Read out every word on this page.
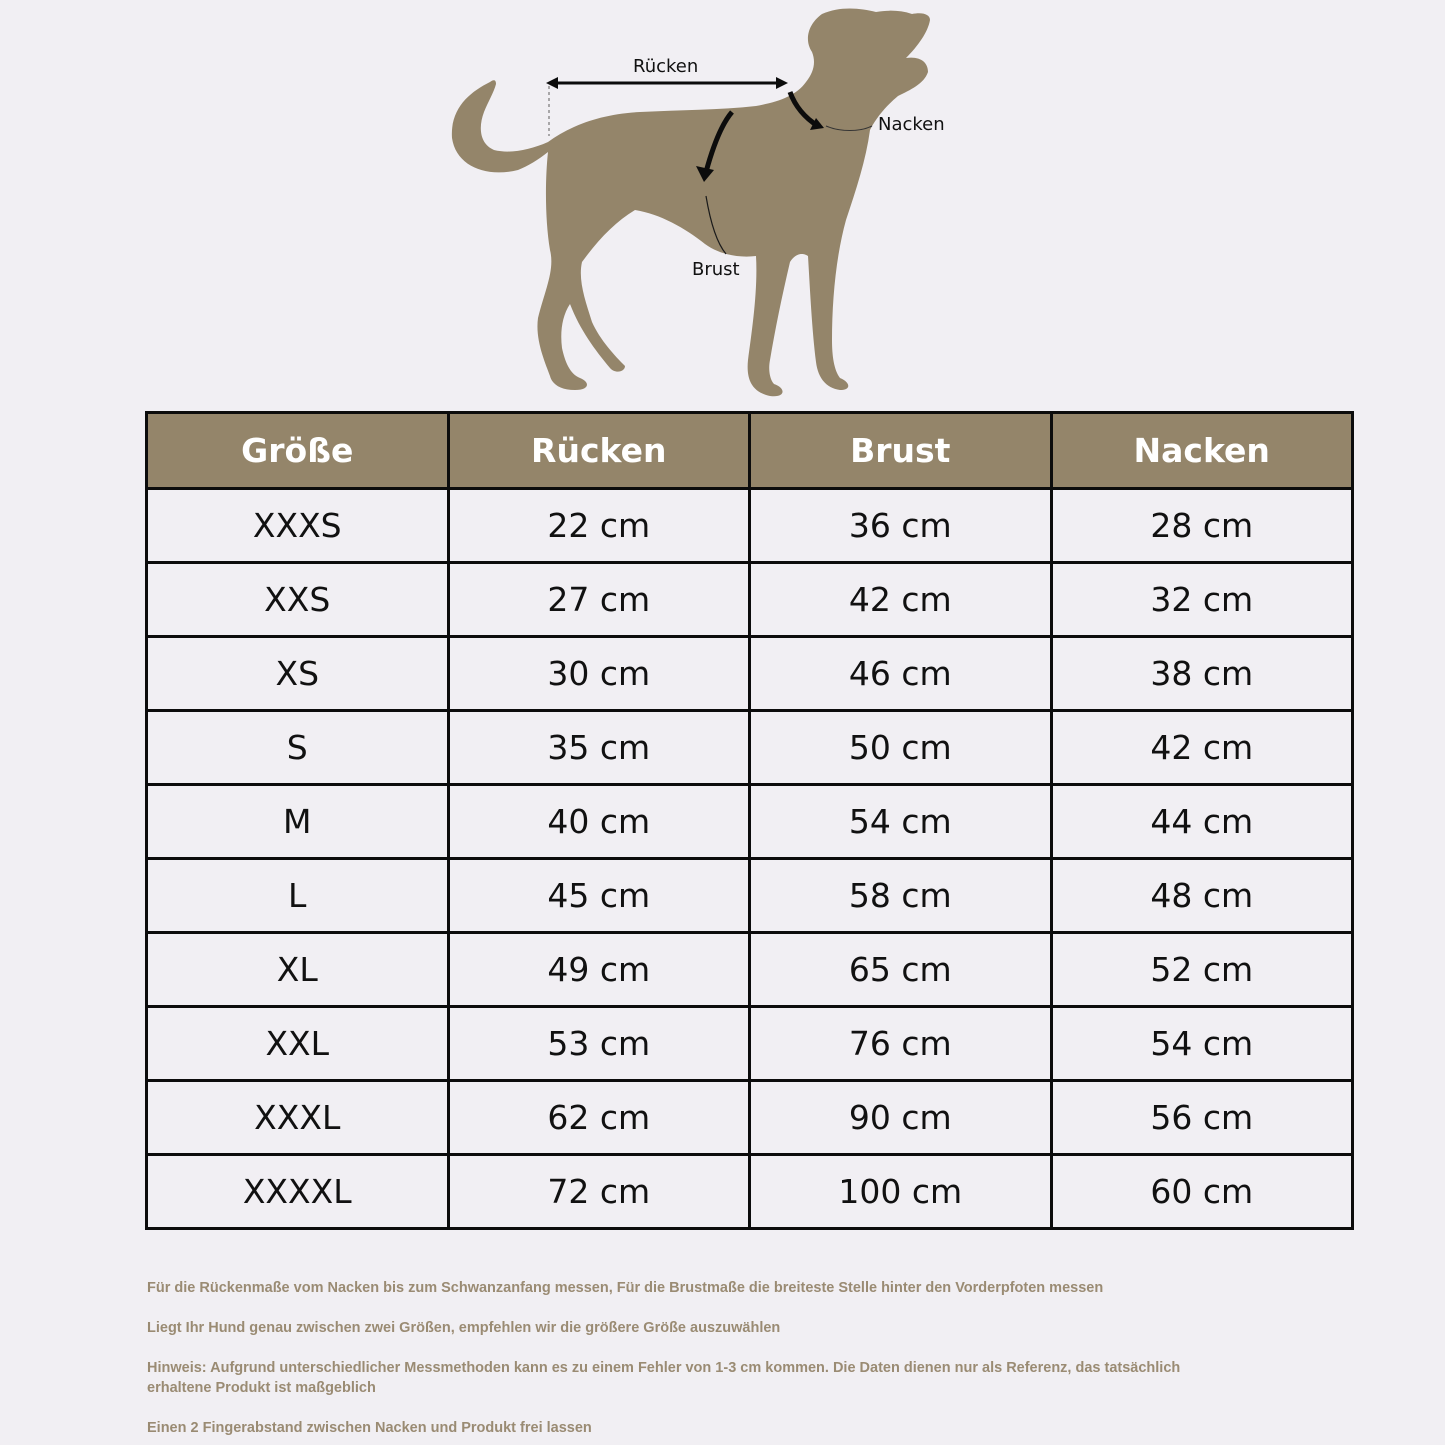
Rücken
Nacken
Brust
Größe	Rücken	Brust	Nacken
XXXS	22 cm	36 cm	28 cm
XXS	27 cm	42 cm	32 cm
XS	30 cm	46 cm	38 cm
S	35 cm	50 cm	42 cm
M	40 cm	54 cm	44 cm
L	45 cm	58 cm	48 cm
XL	49 cm	65 cm	52 cm
XXL	53 cm	76 cm	54 cm
XXXL	62 cm	90 cm	56 cm
XXXXL	72 cm	100 cm	60 cm

Für die Rückenmaße vom Nacken bis zum Schwanzanfang messen, Für die Brustmaße die breiteste Stelle hinter den Vorderpfoten messen

Liegt Ihr Hund genau zwischen zwei Größen, empfehlen wir die größere Größe auszuwählen

Hinweis: Aufgrund unterschiedlicher Messmethoden kann es zu einem Fehler von 1-3 cm kommen. Die Daten dienen nur als Referenz, das tatsächlich erhaltene Produkt ist maßgeblich

Einen 2 Fingerabstand zwischen Nacken und Produkt frei lassen
